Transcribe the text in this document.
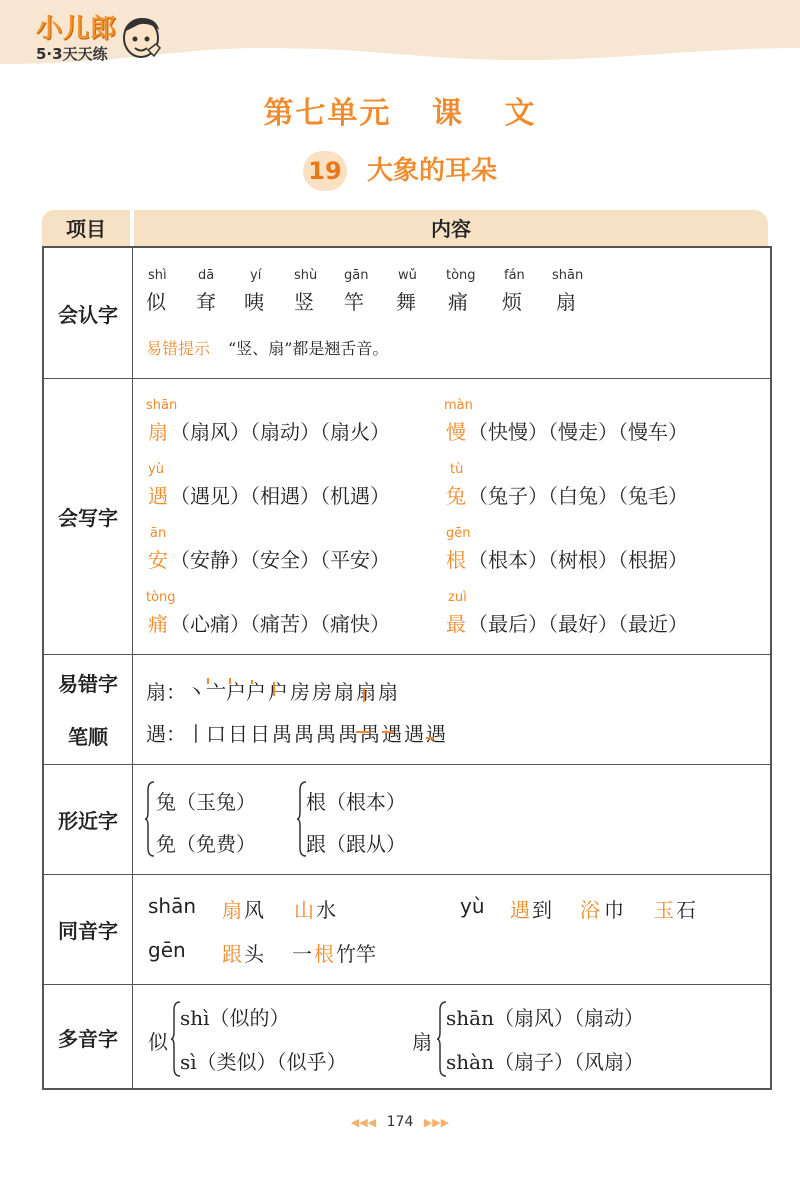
小儿郎
5·3天天练
第七单元 课 文
19 大象的耳朵
项目	内容
会认字
shì
似
dā
耷
yí
咦
shù
竖
gān
竿
wǔ
舞
tòng
痛
fán
烦
shān
扇
易错提示 “竖、扇”都是翘舌音。
会写字
shān
扇 （扇风）（扇动）（扇火）
màn
慢 （快慢）（慢走）（慢车）
yù
遇 （遇见）（相遇）（机遇）
tù
兔 （兔子）（白兔）（兔毛）
ān
安 （安静）（安全）（平安）
gēn
根 （根本）（树根）（根据）
tòng
痛 （心痛）（痛苦）（痛快）
zuì
最 （最后）（最好）（最近）
易错字
笔顺
扇： 丶 亠 户 户 户 房 房 扇 扇 扇
遇： 丨 口 日 日 禺 禺 禺 禺 禺 遇 遇 遇
形近字
兔（玉兔）
免（免费）
根（根本）
跟（跟从）
同音字
shān 扇 风 山 水	yù 遇 到 浴 巾 玉 石
gēn 跟 头 一 根 竹竿
多音字 似
shì（似的）
sì（类似）（似乎）
扇
shān（扇风）（扇动）
shàn（扇子）（风扇）
◀◀◀ 174 ▶▶▶
